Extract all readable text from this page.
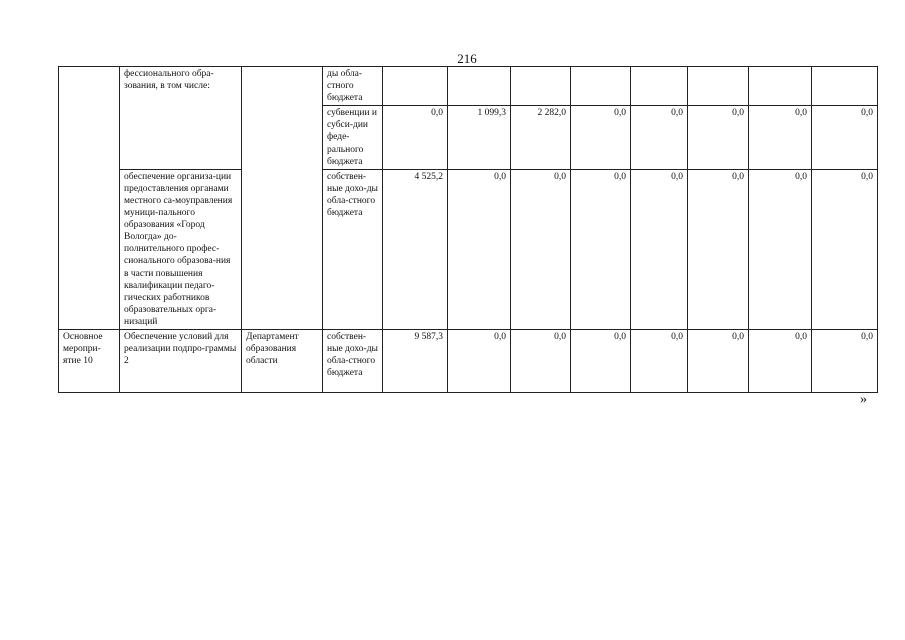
216
	фессионального обра-зования, в том числе:		ды обла-стного бюджета								
			субвенции и субси-дии феде-рального бюджета	0,0	1 099,3	2 282,0	0,0	0,0	0,0	0,0	0,0
	обеспечение организа-ции предоставления органами местного са-моуправления муници-пального образования «Город Вологда» до-полнительного профес-сионального образова-ния в части повышения квалификации педаго-гических работников образовательных орга-низаций		собствен-ные дохо-ды обла-стного бюджета	4 525,2	0,0	0,0	0,0	0,0	0,0	0,0	0,0
Основное меропри-ятие 10	Обеспечение условий для реализации подпро-граммы 2	Департамент образования области	собствен-ные дохо-ды обла-стного бюджета	9 587,3	0,0	0,0	0,0	0,0	0,0	0,0	0,0
»
